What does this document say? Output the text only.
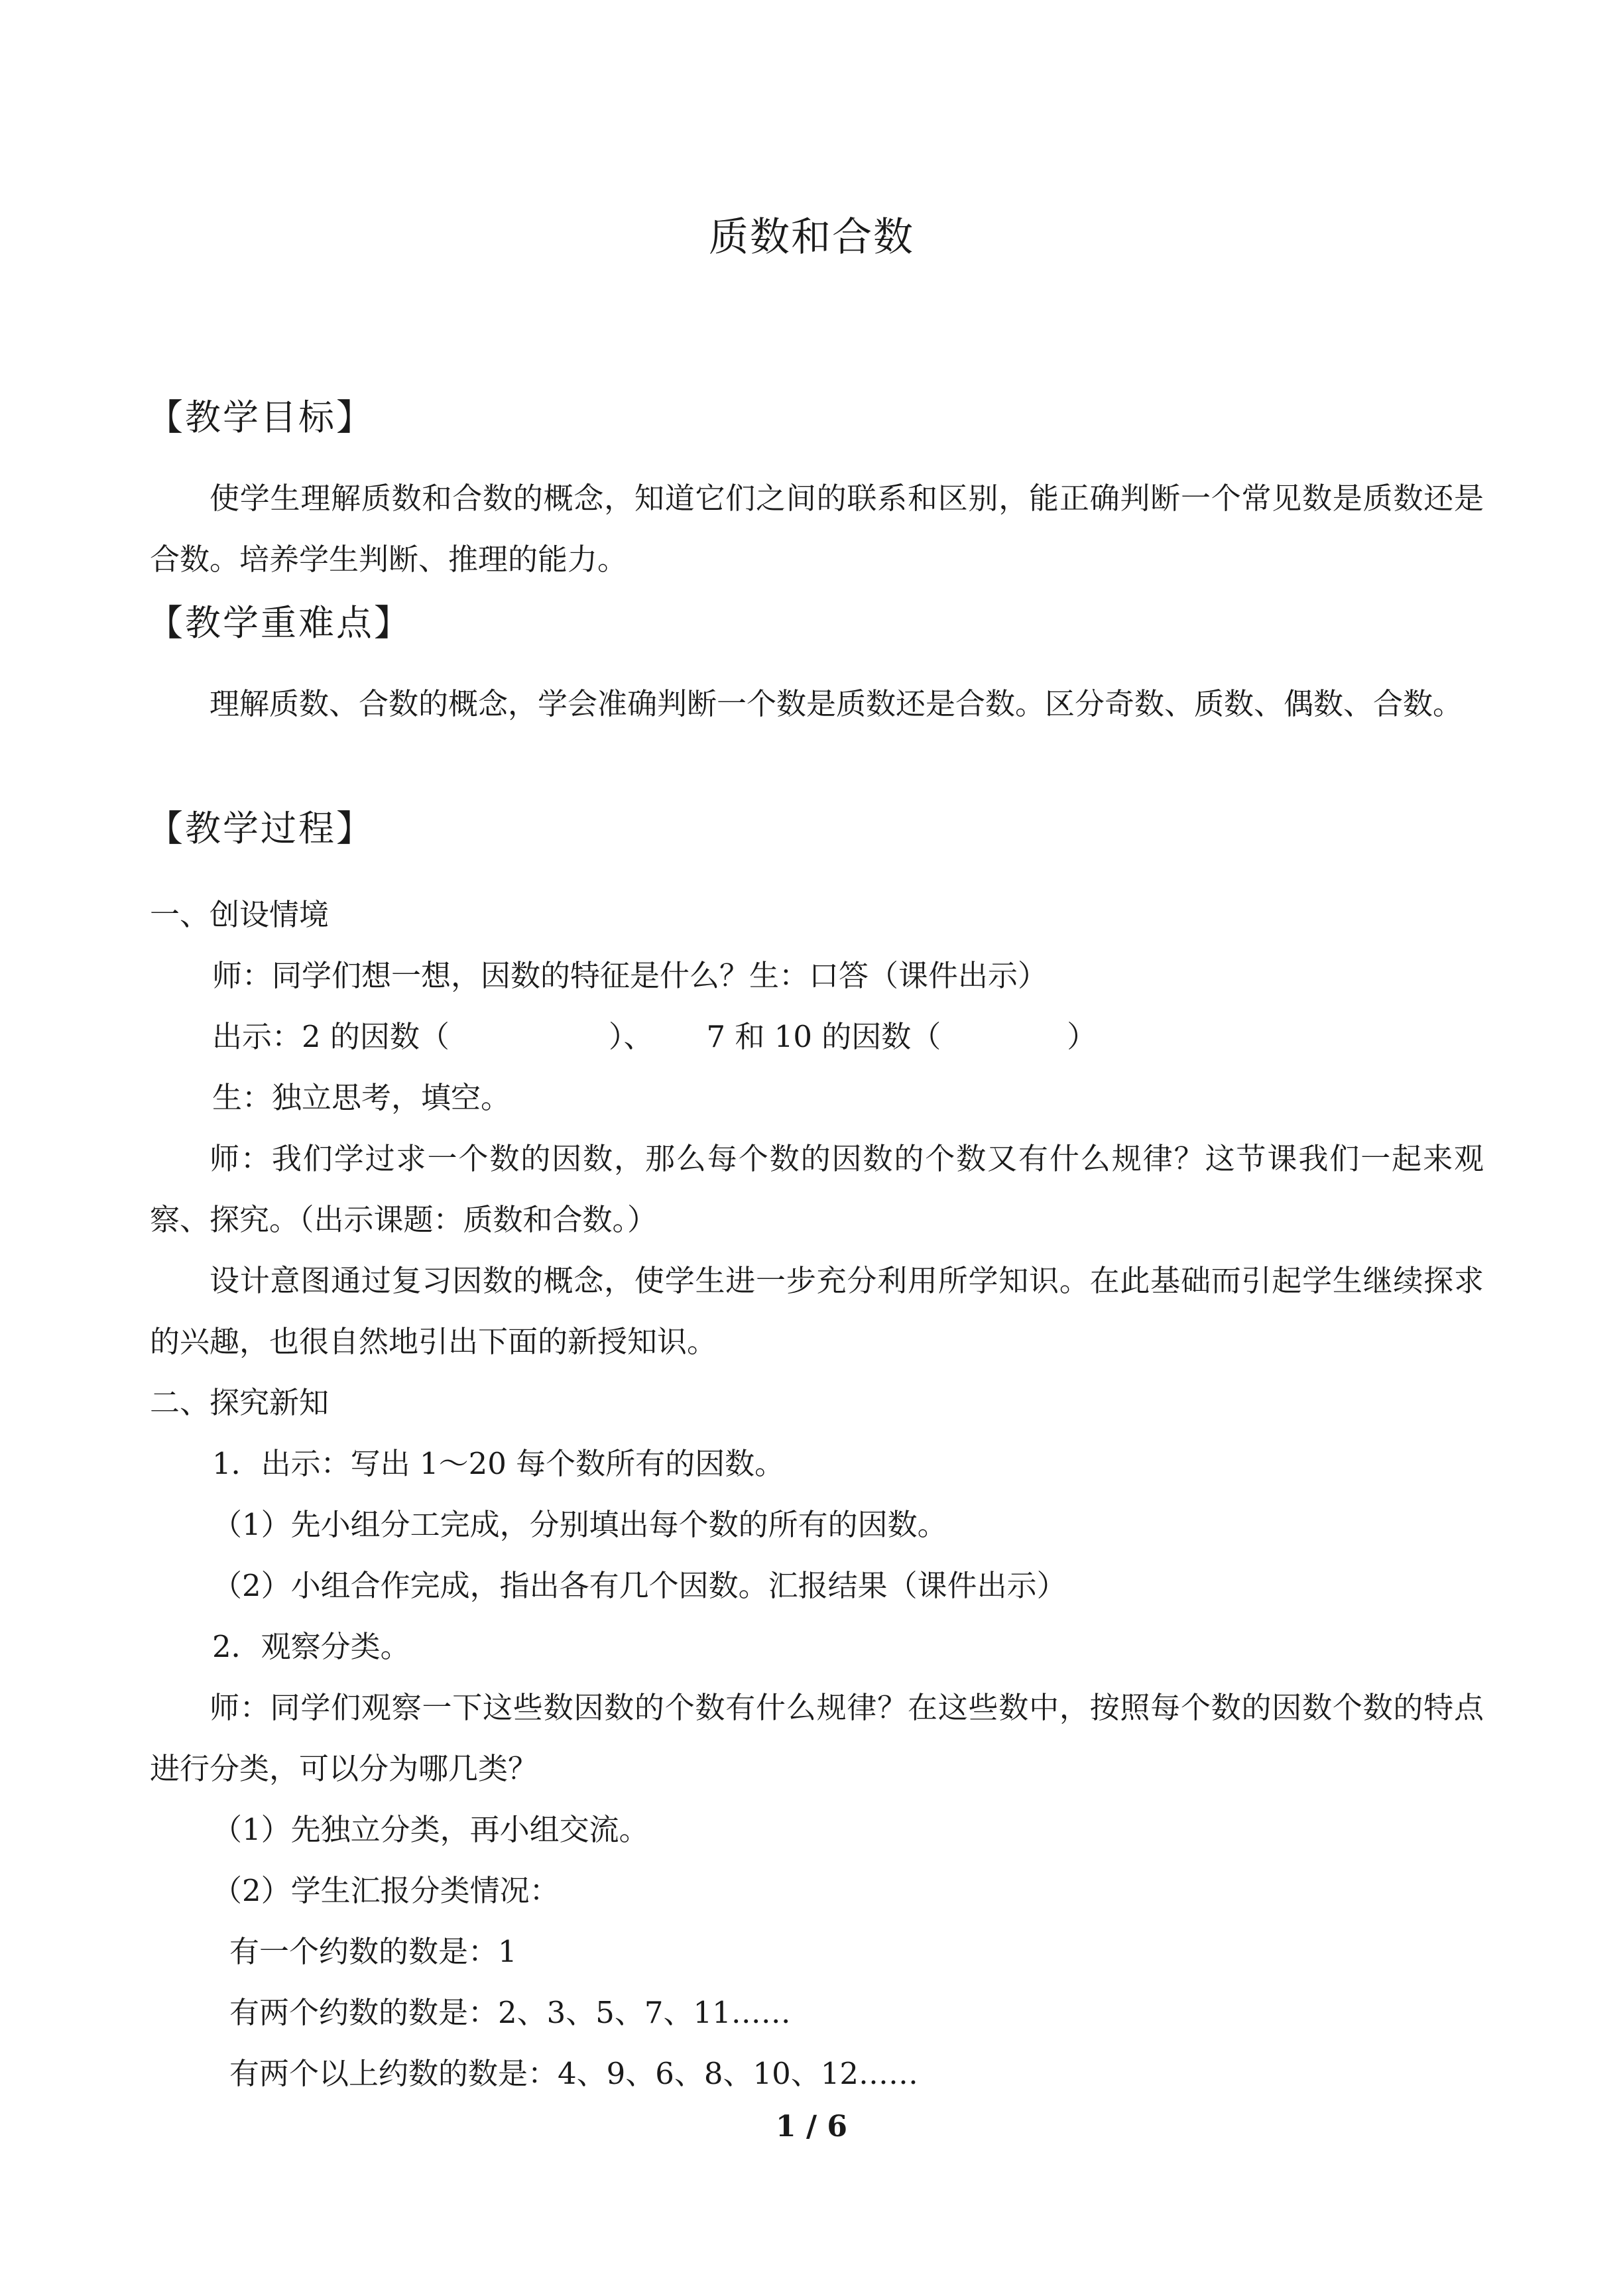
质数和合数
【教学目标】
使学生理解质数和合数的概念，知道它们之间的联系和区别，能正确判断一个常见数是质数还是合数。培养学生判断、推理的能力。
【教学重难点】
理解质数、合数的概念，学会准确判断一个数是质数还是合数。区分奇数、质数、偶数、合数。
【教学过程】
一、创设情境
师：同学们想一想，因数的特征是什么？生：口答（课件出示）
出示：2 的因数（	）、 7 和 10 的因数（	）
生：独立思考，填空。
师：我们学过求一个数的因数，那么每个数的因数的个数又有什么规律？这节课我们一起来观察、探究。（出示课题：质数和合数。）
设计意图通过复习因数的概念，使学生进一步充分利用所学知识。在此基础而引起学生继续探求的兴趣，也很自然地引出下面的新授知识。
二、探究新知
1．出示：写出 1～20 每个数所有的因数。
（1）先小组分工完成，分别填出每个数的所有的因数。
（2）小组合作完成，指出各有几个因数。汇报结果（课件出示）
2．观察分类。
师：同学们观察一下这些数因数的个数有什么规律？在这些数中，按照每个数的因数个数的特点进行分类，可以分为哪几类？
（1）先独立分类，再小组交流。
（2）学生汇报分类情况：
有一个约数的数是：1
有两个约数的数是：2、3、5、7、11……
有两个以上约数的数是：4、9、6、8、10、12……
1 / 6
